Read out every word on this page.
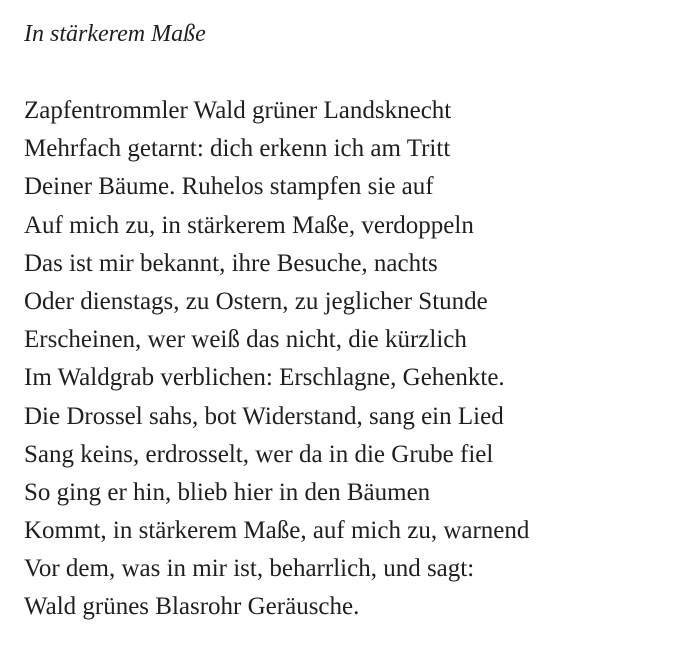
In stärkerem Maße
Zapfentrommler Wald grüner Landsknecht
Mehrfach getarnt: dich erkenn ich am Tritt
Deiner Bäume. Ruhelos stampfen sie auf
Auf mich zu, in stärkerem Maße, verdoppeln
Das ist mir bekannt, ihre Besuche, nachts
Oder dienstags, zu Ostern, zu jeglicher Stunde
Erscheinen, wer weiß das nicht, die kürzlich
Im Waldgrab verblichen: Erschlagne, Gehenkte.
Die Drossel sahs, bot Widerstand, sang ein Lied
Sang keins, erdrosselt, wer da in die Grube fiel
So ging er hin, blieb hier in den Bäumen
Kommt, in stärkerem Maße, auf mich zu, warnend
Vor dem, was in mir ist, beharrlich, und sagt:
Wald grünes Blasrohr Geräusche.
